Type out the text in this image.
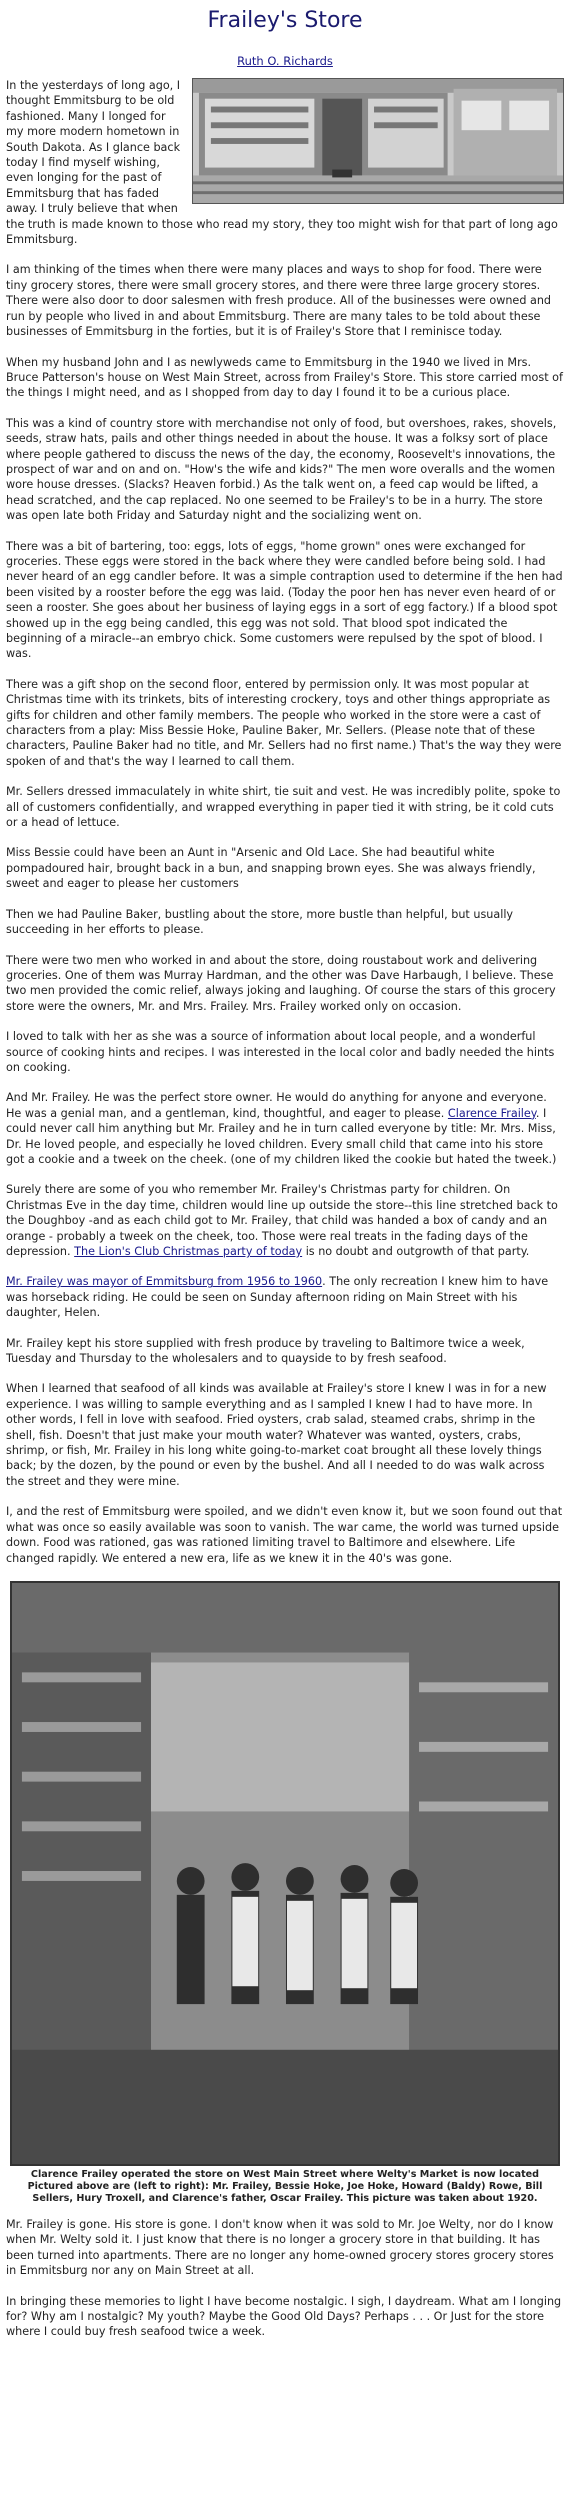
Frailey's Store
Ruth O. Richards

In the yesterdays of long ago, I thought Emmitsburg to be old fashioned. Many I longed for my more modern hometown in South Dakota. As I glance back today I find myself wishing, even longing for the past of Emmitsburg that has faded away. I truly believe that when the truth is made known to those who read my story, they too might wish for that part of long ago Emmitsburg.

I am thinking of the times when there were many places and ways to shop for food. There were tiny grocery stores, there were small grocery stores, and there were three large grocery stores. There were also door to door salesmen with fresh produce. All of the businesses were owned and run by people who lived in and about Emmitsburg. There are many tales to be told about these businesses of Emmitsburg in the forties, but it is of Frailey's Store that I reminisce today.

When my husband John and I as newlyweds came to Emmitsburg in the 1940 we lived in Mrs. Bruce Patterson's house on West Main Street, across from Frailey's Store. This store carried most of the things I might need, and as I shopped from day to day I found it to be a curious place.

This was a kind of country store with merchandise not only of food, but overshoes, rakes, shovels, seeds, straw hats, pails and other things needed in about the house. It was a folksy sort of place where people gathered to discuss the news of the day, the economy, Roosevelt's innovations, the prospect of war and on and on. "How's the wife and kids?" The men wore overalls and the women wore house dresses. (Slacks? Heaven forbid.) As the talk went on, a feed cap would be lifted, a head scratched, and the cap replaced. No one seemed to be Frailey's to be in a hurry. The store was open late both Friday and Saturday night and the socializing went on.

There was a bit of bartering, too: eggs, lots of eggs, "home grown" ones were exchanged for groceries. These eggs were stored in the back where they were candled before being sold. I had never heard of an egg candler before. It was a simple contraption used to determine if the hen had been visited by a rooster before the egg was laid. (Today the poor hen has never even heard of or seen a rooster. She goes about her business of laying eggs in a sort of egg factory.) If a blood spot showed up in the egg being candled, this egg was not sold. That blood spot indicated the beginning of a miracle--an embryo chick. Some customers were repulsed by the spot of blood. I was.

There was a gift shop on the second floor, entered by permission only. It was most popular at Christmas time with its trinkets, bits of interesting crockery, toys and other things appropriate as gifts for children and other family members. The people who worked in the store were a cast of characters from a play: Miss Bessie Hoke, Pauline Baker, Mr. Sellers. (Please note that of these characters, Pauline Baker had no title, and Mr. Sellers had no first name.) That's the way they were spoken of and that's the way I learned to call them.

Mr. Sellers dressed immaculately in white shirt, tie suit and vest. He was incredibly polite, spoke to all of customers confidentially, and wrapped everything in paper tied it with string, be it cold cuts or a head of lettuce.

Miss Bessie could have been an Aunt in "Arsenic and Old Lace. She had beautiful white pompadoured hair, brought back in a bun, and snapping brown eyes. She was always friendly, sweet and eager to please her customers

Then we had Pauline Baker, bustling about the store, more bustle than helpful, but usually succeeding in her efforts to please.

There were two men who worked in and about the store, doing roustabout work and delivering groceries. One of them was Murray Hardman, and the other was Dave Harbaugh, I believe. These two men provided the comic relief, always joking and laughing. Of course the stars of this grocery store were the owners, Mr. and Mrs. Frailey. Mrs. Frailey worked only on occasion.

I loved to talk with her as she was a source of information about local people, and a wonderful source of cooking hints and recipes. I was interested in the local color and badly needed the hints on cooking.

And Mr. Frailey. He was the perfect store owner. He would do anything for anyone and everyone. He was a genial man, and a gentleman, kind, thoughtful, and eager to please. Clarence Frailey. I could never call him anything but Mr. Frailey and he in turn called everyone by title: Mr. Mrs. Miss, Dr. He loved people, and especially he loved children. Every small child that came into his store got a cookie and a tweek on the cheek. (one of my children liked the cookie but hated the tweek.)

Surely there are some of you who remember Mr. Frailey's Christmas party for children. On Christmas Eve in the day time, children would line up outside the store--this line stretched back to the Doughboy -and as each child got to Mr. Frailey, that child was handed a box of candy and an orange - probably a tweek on the cheek, too. Those were real treats in the fading days of the depression. The Lion's Club Christmas party of today is no doubt and outgrowth of that party.

Mr. Frailey was mayor of Emmitsburg from 1956 to 1960. The only recreation I knew him to have was horseback riding. He could be seen on Sunday afternoon riding on Main Street with his daughter, Helen.

Mr. Frailey kept his store supplied with fresh produce by traveling to Baltimore twice a week, Tuesday and Thursday to the wholesalers and to quayside to by fresh seafood.

When I learned that seafood of all kinds was available at Frailey's store I knew I was in for a new experience. I was willing to sample everything and as I sampled I knew I had to have more. In other words, I fell in love with seafood. Fried oysters, crab salad, steamed crabs, shrimp in the shell, fish. Doesn't that just make your mouth water? Whatever was wanted, oysters, crabs, shrimp, or fish, Mr. Frailey in his long white going-to-market coat brought all these lovely things back; by the dozen, by the pound or even by the bushel. And all I needed to do was walk across the street and they were mine.

I, and the rest of Emmitsburg were spoiled, and we didn't even know it, but we soon found out that what was once so easily available was soon to vanish. The war came, the world was turned upside down. Food was rationed, gas was rationed limiting travel to Baltimore and elsewhere. Life changed rapidly. We entered a new era, life as we knew it in the 40's was gone.

Clarence Frailey operated the store on West Main Street where Welty's Market is now located Pictured above are (left to right): Mr. Frailey, Bessie Hoke, Joe Hoke, Howard (Baldy) Rowe, Bill Sellers, Hury Troxell, and Clarence's father, Oscar Frailey. This picture was taken about 1920.

Mr. Frailey is gone. His store is gone. I don't know when it was sold to Mr. Joe Welty, nor do I know when Mr. Welty sold it. I just know that there is no longer a grocery store in that building. It has been turned into apartments. There are no longer any home-owned grocery stores grocery stores in Emmitsburg nor any on Main Street at all.

In bringing these memories to light I have become nostalgic. I sigh, I daydream. What am I longing for? Why am I nostalgic? My youth? Maybe the Good Old Days? Perhaps . . . Or Just for the store where I could buy fresh seafood twice a week.
